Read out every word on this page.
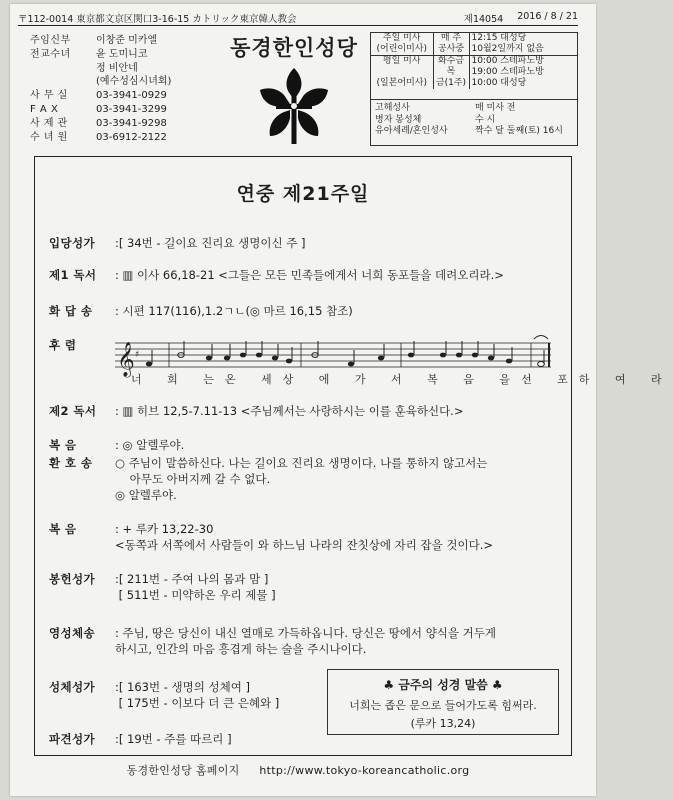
〒112-0014 東京都文京区関口3-16-15 カトリック東京韓人教会	제14054 2016 / 8 / 21
주임신부	이창준 미카엘
전교수녀	윤 도미니코
정 비안네
(예수성심시녀회)
사 무 실	03-3941-0929
F A X	03-3941-3299
사 제 관	03-3941-9298
수 녀 원	03-6912-2122
동경한인성당	주일 미사	매 주	12:15 대성당
(어린이미사)	공사중	10월2일까지 없음
평일 미사	화수금	10:00 스테파노방
	목	19:00 스테파노방
(일본어미사)	금(1주)	10:00 대성당
고해성사	매 미사 전
병자 봉성체	수 시
유아세례/혼인성사	짝수 달 둘째(토) 16시
연중 제21주일
입당성가	:[ 34번 - 길이요 진리요 생명이신 주 ]
제1 독서	: ▥ 이사 66,18-21 <그들은 모든 민족들에게서 너희 동포들을 데려오리라.>
화 답 송	: 시편 117(116),1.2ㄱㄴ(◎ 마르 16,15 참조)
후 렴	𝄞 ♯
너 희 는온 세상 에 가 서 복 음 을선 포하 여 라
제2 독서	: ▥ 히브 12,5-7.11-13 <주님께서는 사랑하시는 이를 훈육하신다.>
복 음	: ◎ 알렐루야.
환 호 송	○ 주님이 말씀하신다. 나는 길이요 진리요 생명이다. 나를 통하지 않고서는
아무도 아버지께 갈 수 없다.
◎ 알렐루야.
복 음	: + 루카 13,22-30
<동쪽과 서쪽에서 사람들이 와 하느님 나라의 잔칫상에 자리 잡을 것이다.>
봉헌성가	:[ 211번 - 주여 나의 몸과 맘 ]
[ 511번 - 미약하온 우리 제물 ]
영성체송	: 주님, 땅은 당신이 내신 열매로 가득하옵니다. 당신은 땅에서 양식을 거두게
하시고, 인간의 마음 흥겹게 하는 술을 주시나이다.
성체성가	:[ 163번 - 생명의 성체여 ]
[ 175번 - 이보다 더 큰 은혜와 ]
파견성가	:[ 19번 - 주를 따르리 ]
♣ 금주의 성경 말씀 ♣
너희는 좁은 문으로 들어가도록 힘써라.
(루카 13,24)
동경한인성당 홈페이지 http://www.tokyo-koreancatholic.org
